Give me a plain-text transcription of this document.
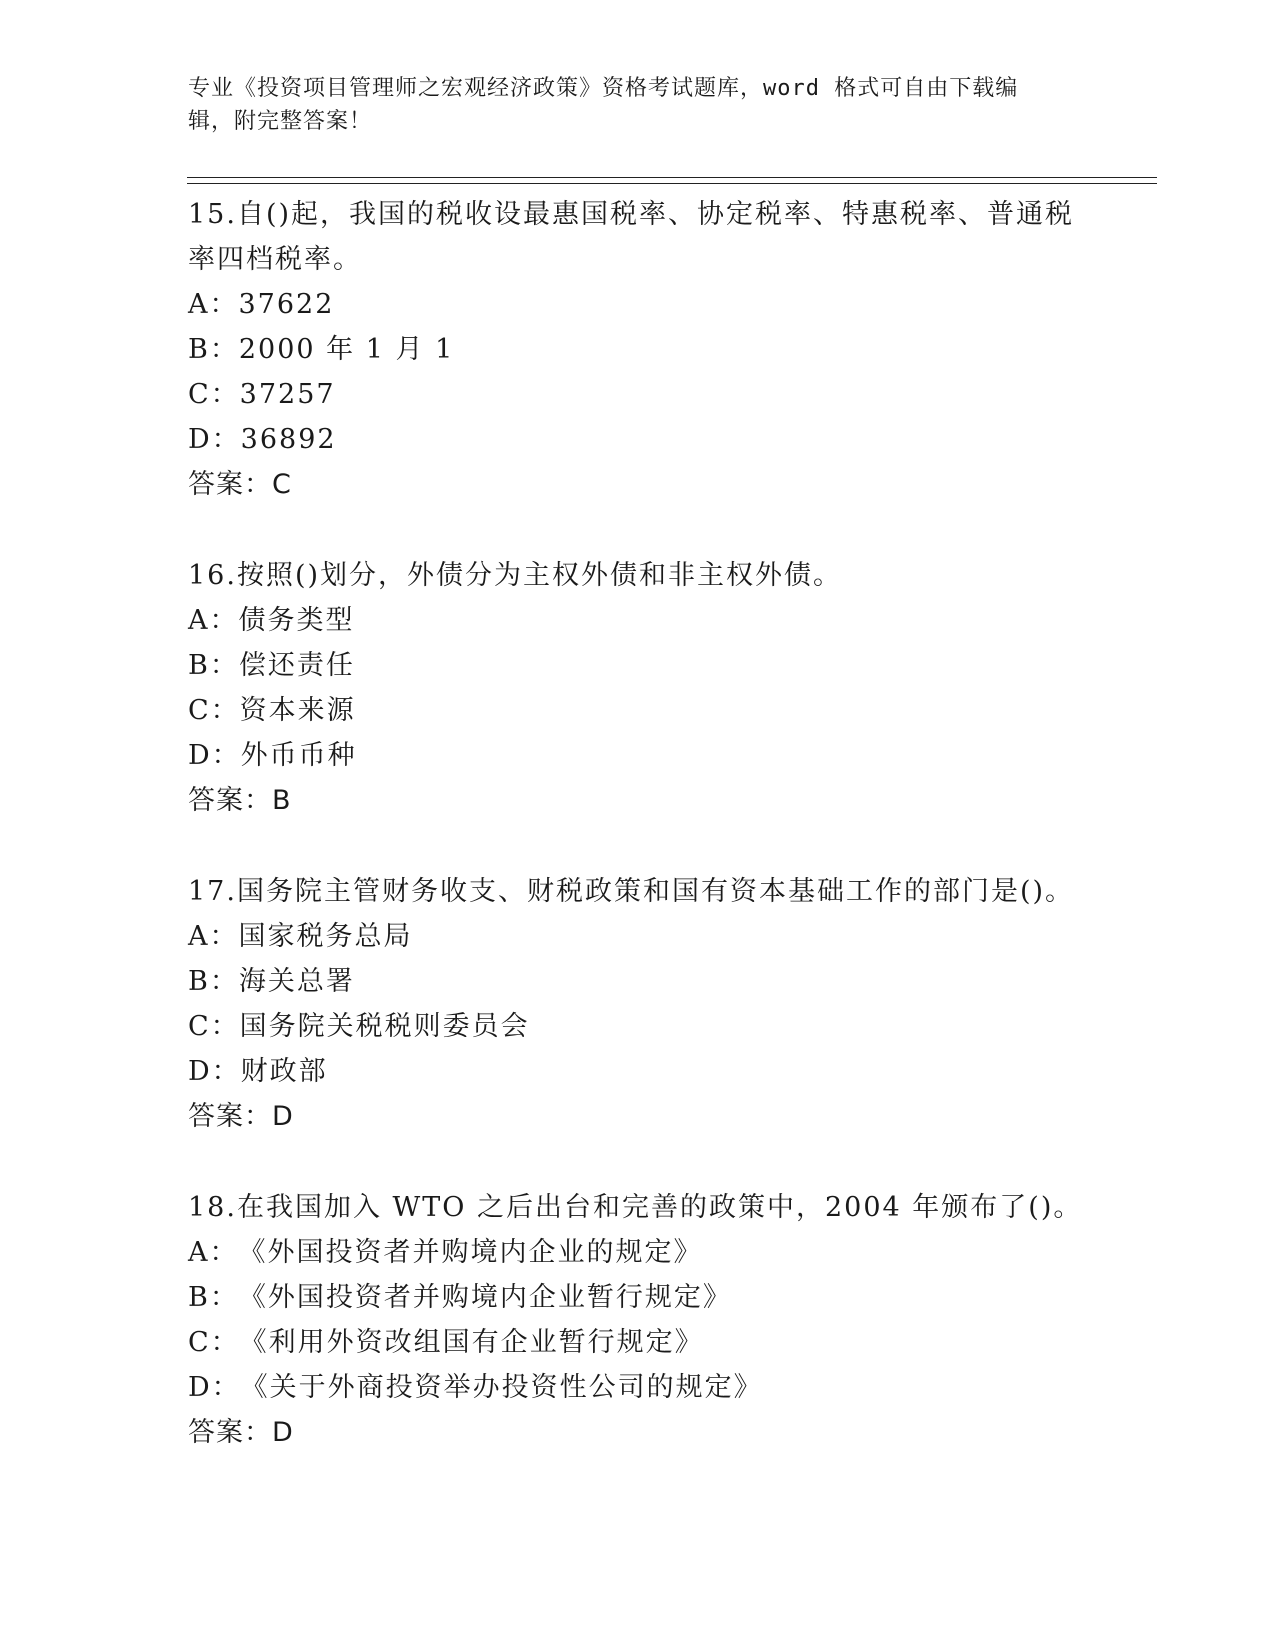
专业《投资项目管理师之宏观经济政策》资格考试题库，word 格式可自由下载编
辑，附完整答案！

15.自()起，我国的税收设最惠国税率、协定税率、特惠税率、普通税

率四档税率。

A：37622

B：2000 年 1 月 1

C：37257

D：36892

答案：C

16.按照()划分，外债分为主权外债和非主权外债。

A：债务类型

B：偿还责任

C：资本来源

D：外币币种

答案：B

17.国务院主管财务收支、财税政策和国有资本基础工作的部门是()。

A：国家税务总局

B：海关总署

C：国务院关税税则委员会

D：财政部

答案：D

18.在我国加入 WTO 之后出台和完善的政策中，2004 年颁布了()。

A：《外国投资者并购境内企业的规定》

B：《外国投资者并购境内企业暂行规定》

C：《利用外资改组国有企业暂行规定》

D：《关于外商投资举办投资性公司的规定》

答案：D
